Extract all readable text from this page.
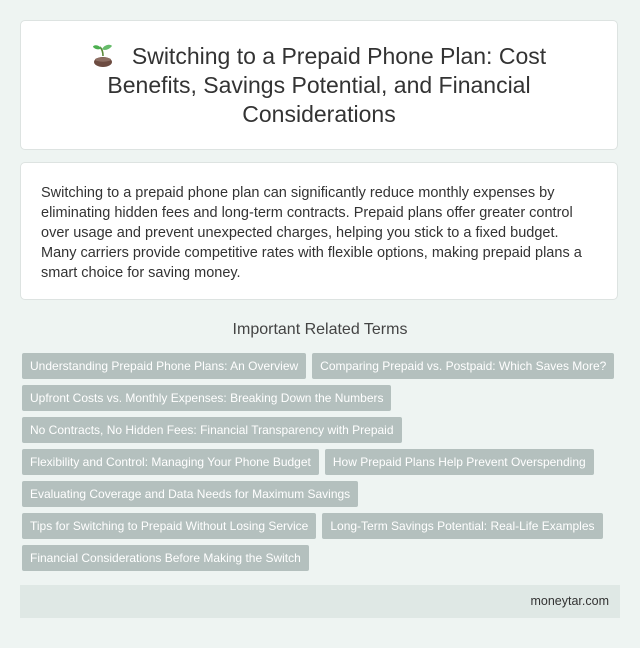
Switching to a Prepaid Phone Plan: Cost Benefits, Savings Potential, and Financial Considerations

Switching to a prepaid phone plan can significantly reduce monthly expenses by eliminating hidden fees and long-term contracts. Prepaid plans offer greater control over usage and prevent unexpected charges, helping you stick to a fixed budget. Many carriers provide competitive rates with flexible options, making prepaid plans a smart choice for saving money.

Important Related Terms
Understanding Prepaid Phone Plans: An Overview	Comparing Prepaid vs. Postpaid: Which Saves More?
Upfront Costs vs. Monthly Expenses: Breaking Down the Numbers
No Contracts, No Hidden Fees: Financial Transparency with Prepaid
Flexibility and Control: Managing Your Phone Budget	How Prepaid Plans Help Prevent Overspending
Evaluating Coverage and Data Needs for Maximum Savings
Tips for Switching to Prepaid Without Losing Service	Long-Term Savings Potential: Real-Life Examples
Financial Considerations Before Making the Switch
moneytar.com
